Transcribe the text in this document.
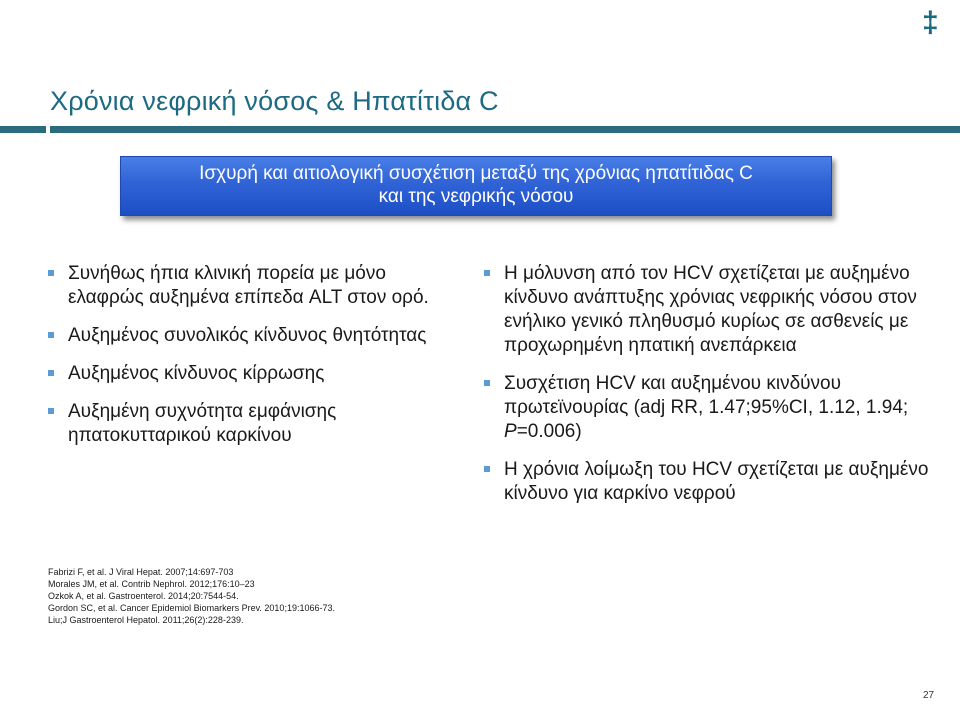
‡
Χρόνια νεφρική νόσος & Ηπατίτιδα C
Ισχυρή και αιτιολογική συσχέτιση μεταξύ της χρόνιας ηπατίτιδας C
και της νεφρικής νόσου
Συνήθως ήπια κλινική πορεία με μόνο ελαφρώς αυξημένα επίπεδα ALT στον ορό.
Αυξημένος συνολικός κίνδυνος θνητότητας
Αυξημένος κίνδυνος κίρρωσης
Αυξημένη συχνότητα εμφάνισης ηπατοκυτταρικού καρκίνου
Η μόλυνση από τον HCV σχετίζεται με αυξημένο κίνδυνο ανάπτυξης χρόνιας νεφρικής νόσου στον ενήλικο γενικό πληθυσμό κυρίως σε ασθενείς με προχωρημένη ηπατική ανεπάρκεια
Συσχέτιση HCV και αυξημένου κινδύνου πρωτεϊνουρίας (adj RR, 1.47;95%CI, 1.12, 1.94; P=0.006)
Η χρόνια λοίμωξη του HCV σχετίζεται με αυξημένο κίνδυνο για καρκίνο νεφρού
Fabrizi F, et al. J Viral Hepat. 2007;14:697-703
Morales JM, et al. Contrib Nephrol. 2012;176:10–23
Ozkok A, et al. Gastroenterol. 2014;20:7544-54.
Gordon SC, et al. Cancer Epidemiol Biomarkers Prev. 2010;19:1066-73.
Liu;J Gastroenterol Hepatol. 2011;26(2):228-239.
27
